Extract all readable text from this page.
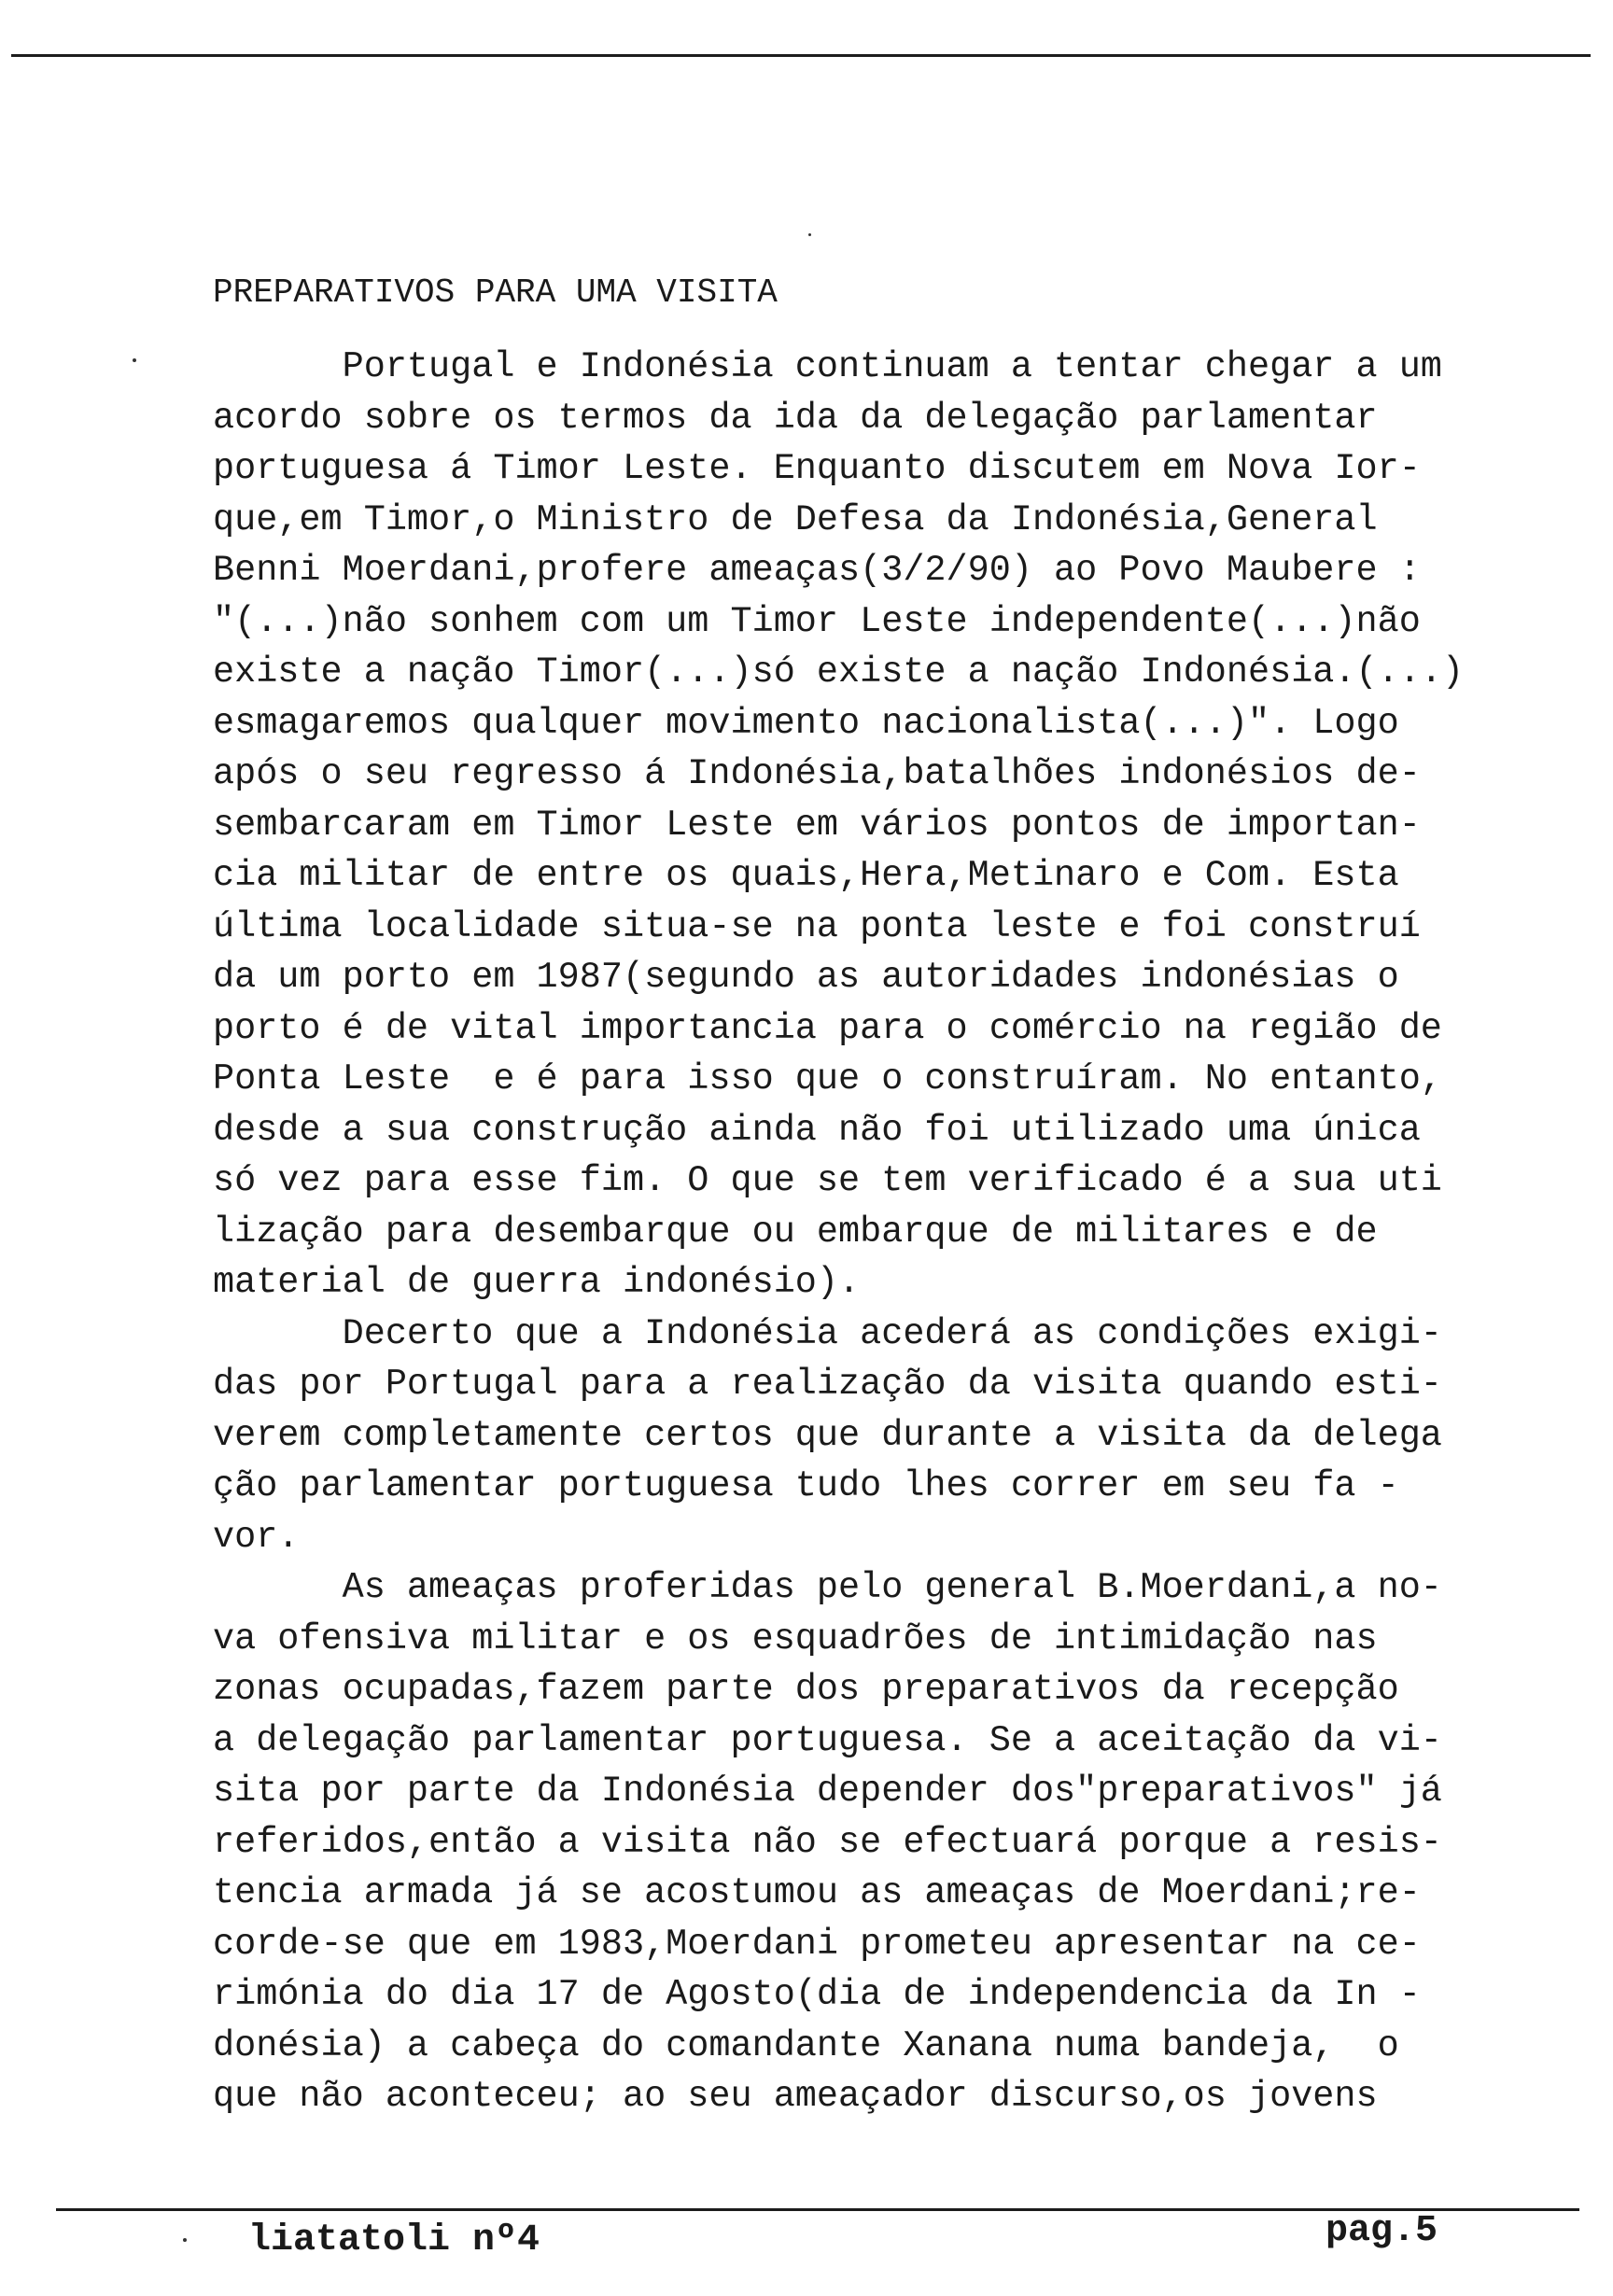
PREPARATIVOS PARA UMA VISITA
Portugal e Indonésia continuam a tentar chegar a um
acordo sobre os termos da ida da delegação parlamentar
portuguesa á Timor Leste. Enquanto discutem em Nova Ior-
que,em Timor,o Ministro de Defesa da Indonésia,General
Benni Moerdani,profere ameaças(3/2/90) ao Povo Maubere :
"(...)não sonhem com um Timor Leste independente(...)não
existe a nação Timor(...)só existe a nação Indonésia.(...)
esmagaremos qualquer movimento nacionalista(...)". Logo
após o seu regresso á Indonésia,batalhões indonésios de-
sembarcaram em Timor Leste em vários pontos de importan-
cia militar de entre os quais,Hera,Metinaro e Com. Esta
última localidade situa-se na ponta leste e foi construí
da um porto em 1987(segundo as autoridades indonésias o
porto é de vital importancia para o comércio na região de
Ponta Leste  e é para isso que o construíram. No entanto,
desde a sua construção ainda não foi utilizado uma única
só vez para esse fim. O que se tem verificado é a sua uti
lização para desembarque ou embarque de militares e de
material de guerra indonésio).
Decerto que a Indonésia acederá as condições exigi-
das por Portugal para a realização da visita quando esti-
verem completamente certos que durante a visita da delega
ção parlamentar portuguesa tudo lhes correr em seu fa -
vor.
As ameaças proferidas pelo general B.Moerdani,a no-
va ofensiva militar e os esquadrões de intimidação nas
zonas ocupadas,fazem parte dos preparativos da recepção
a delegação parlamentar portuguesa. Se a aceitação da vi-
sita por parte da Indonésia depender dos"preparativos" já
referidos,então a visita não se efectuará porque a resis-
tencia armada já se acostumou as ameaças de Moerdani;re-
corde-se que em 1983,Moerdani prometeu apresentar na ce-
rimónia do dia 17 de Agosto(dia de independencia da In -
donésia) a cabeça do comandante Xanana numa bandeja,  o
que não aconteceu; ao seu ameaçador discurso,os jovens
liatatoli nº4	pag.5
